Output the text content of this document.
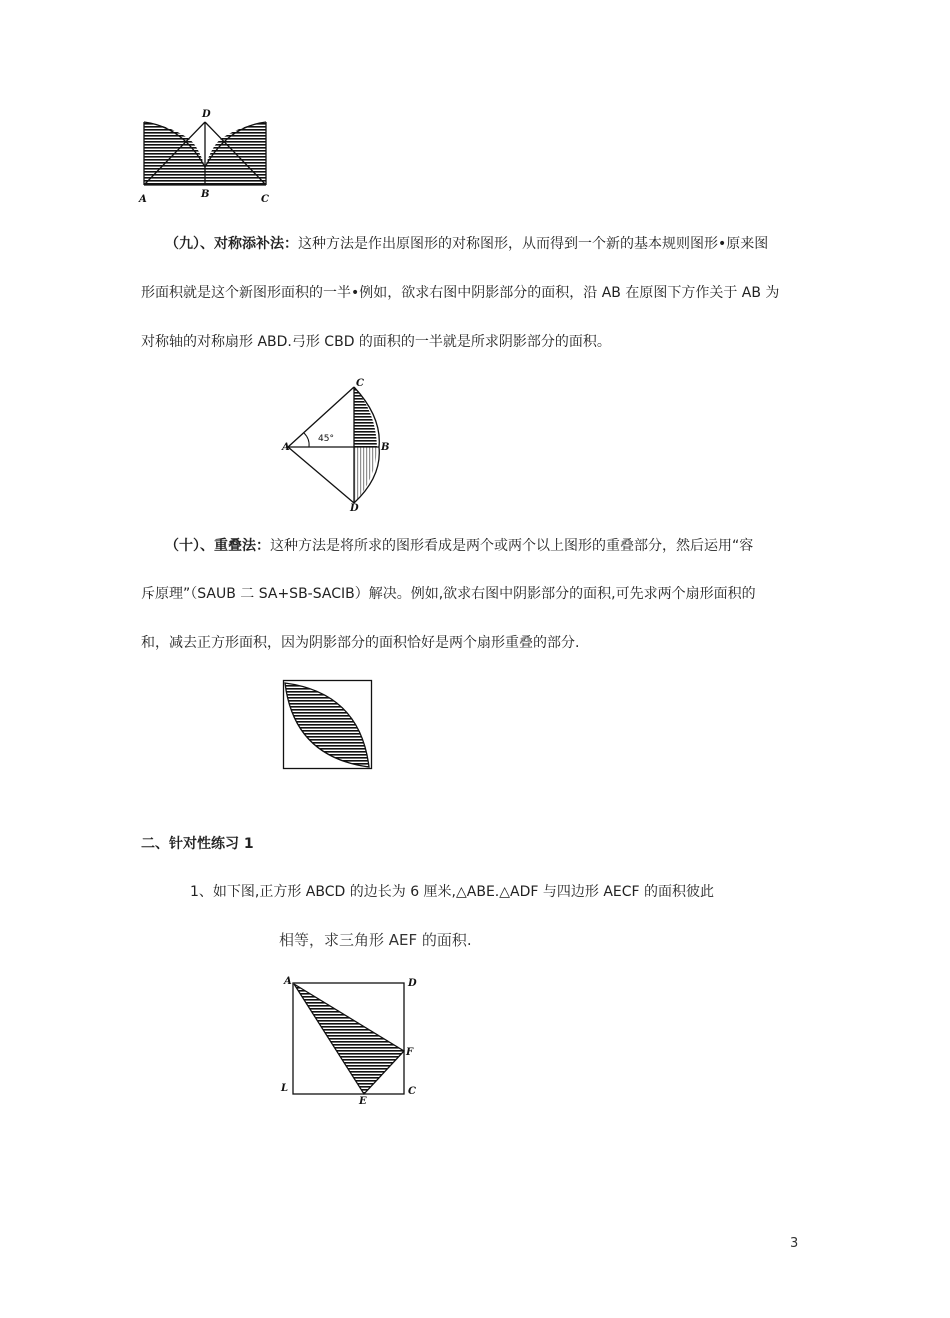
A	B	C
D
（九）、对称添补法：这种方法是作出原图形的对称图形，从而得到一个新的基本规则图形•原来图
形面积就是这个新图形面积的一半•例如，欲求右图中阴影部分的面积，沿 AB 在原图下方作关于 AB 为
对称轴的对称扇形 ABD.弓形 CBD 的面积的一半就是所求阴影部分的面积。
A	B
C
D
45°
（十）、重叠法：这种方法是将所求的图形看成是两个或两个以上图形的重叠部分，然后运用“容
斥原理”（SAUB 二 SA+SB-SACIB）解决。例如,欲求右图中阴影部分的面积,可先求两个扇形面积的
和，减去正方形面积，因为阴影部分的面积恰好是两个扇形重叠的部分.
二、针对性练习 1
1、如下图,正方形 ABCD 的边长为 6 厘米,△ABE.△ADF 与四边形 AECF 的面积彼此
相等，求三角形 AEF 的面积.
A	D
F
L
E
C
3
